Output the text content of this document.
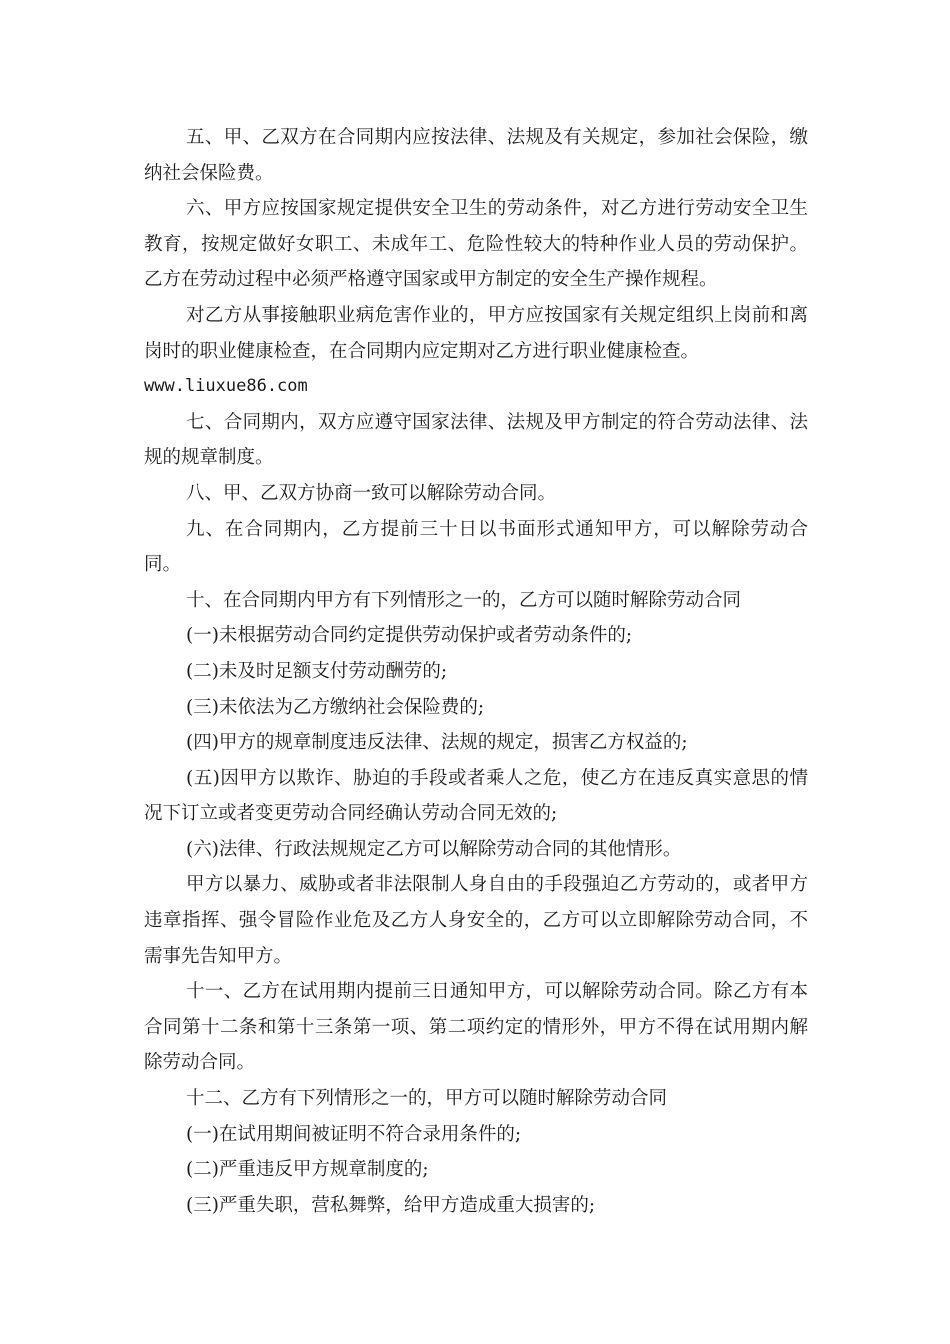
五、甲、乙双方在合同期内应按法律、法规及有关规定，参加社会保险，缴纳社会保险费。

六、甲方应按国家规定提供安全卫生的劳动条件，对乙方进行劳动安全卫生教育，按规定做好女职工、未成年工、危险性较大的特种作业人员的劳动保护。乙方在劳动过程中必须严格遵守国家或甲方制定的安全生产操作规程。

对乙方从事接触职业病危害作业的，甲方应按国家有关规定组织上岗前和离岗时的职业健康检查，在合同期内应定期对乙方进行职业健康检查。

www.liuxue86.com

七、合同期内，双方应遵守国家法律、法规及甲方制定的符合劳动法律、法规的规章制度。

八、甲、乙双方协商一致可以解除劳动合同。

九、在合同期内，乙方提前三十日以书面形式通知甲方，可以解除劳动合同。

十、在合同期内甲方有下列情形之一的，乙方可以随时解除劳动合同

(一)未根据劳动合同约定提供劳动保护或者劳动条件的;

(二)未及时足额支付劳动酬劳的;

(三)未依法为乙方缴纳社会保险费的;

(四)甲方的规章制度违反法律、法规的规定，损害乙方权益的;

(五)因甲方以欺诈、胁迫的手段或者乘人之危，使乙方在违反真实意思的情况下订立或者变更劳动合同经确认劳动合同无效的;

(六)法律、行政法规规定乙方可以解除劳动合同的其他情形。

甲方以暴力、威胁或者非法限制人身自由的手段强迫乙方劳动的，或者甲方违章指挥、强令冒险作业危及乙方人身安全的，乙方可以立即解除劳动合同，不需事先告知甲方。

十一、乙方在试用期内提前三日通知甲方，可以解除劳动合同。除乙方有本合同第十二条和第十三条第一项、第二项约定的情形外，甲方不得在试用期内解除劳动合同。

十二、乙方有下列情形之一的，甲方可以随时解除劳动合同

(一)在试用期间被证明不符合录用条件的;

(二)严重违反甲方规章制度的;

(三)严重失职，营私舞弊，给甲方造成重大损害的;
